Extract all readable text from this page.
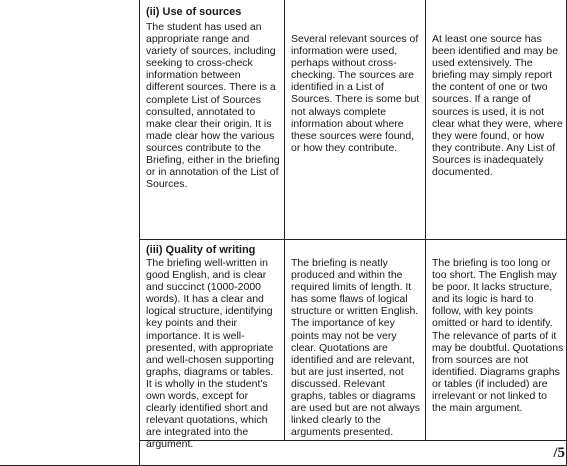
(ii) Use of sources
The student has used an appropriate range and variety of sources, including seeking to cross-check information between different sources. There is a complete List of Sources consulted, annotated to make clear their origin. It is made clear how the various sources contribute to the Briefing, either in the briefing or in annotation of the List of Sources.
Several relevant sources of information were used, perhaps without cross-checking. The sources are identified in a List of Sources. There is some but not always complete information about where these sources were found, or how they contribute.
At least one source has been identified and may be used extensively. The briefing may simply report the content of one or two sources. If a range of sources is used, it is not clear what they were, where they were found, or how they contribute. Any List of Sources is inadequately documented.
(iii) Quality of writing
The briefing well-written in good English, and is clear and succinct (1000-2000 words). It has a clear and logical structure, identifying key points and their importance. It is well-presented, with appropriate and well-chosen supporting graphs, diagrams or tables. It is wholly in the student's own words, except for clearly identified short and relevant quotations, which are integrated into the argument.
The briefing is neatly produced and within the required limits of length. It has some flaws of logical structure or written English. The importance of key points may not be very clear. Quotations are identified and are relevant, but are just inserted, not discussed. Relevant graphs, tables or diagrams are used but are not always linked clearly to the arguments presented.
The briefing is too long or too short. The English may be poor. It lacks structure, and its logic is hard to follow, with key points omitted or hard to identify. The relevance of parts of it may be doubtful. Quotations from sources are not identified. Diagrams graphs or tables (if included) are irrelevant or not linked to the main argument.
/5
